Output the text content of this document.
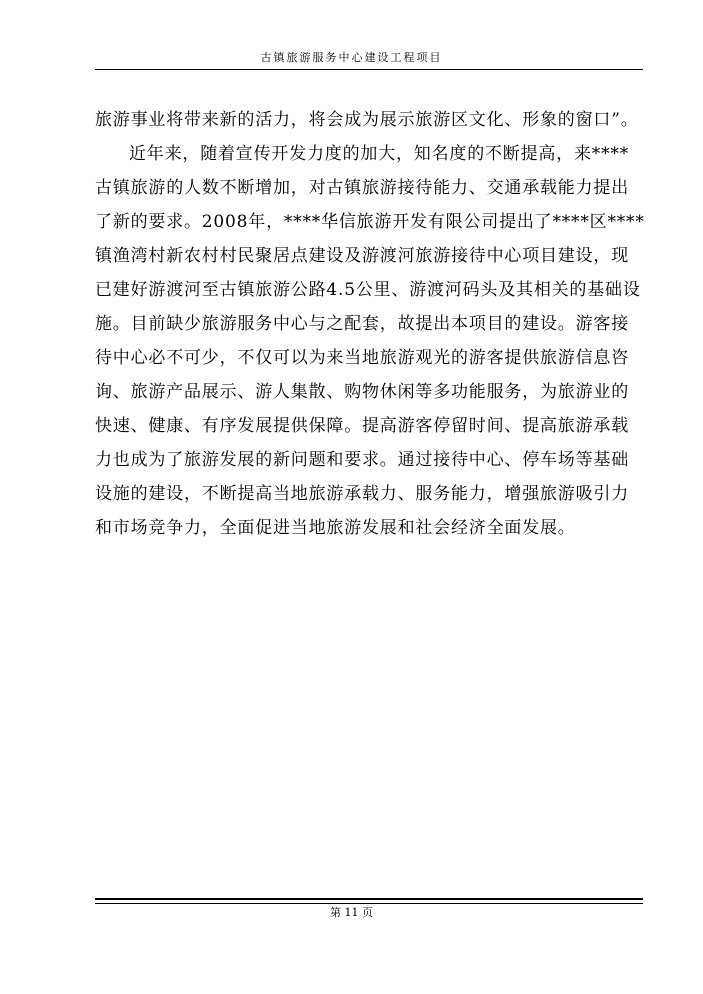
古镇旅游服务中心建设工程项目
旅游事业将带来新的活力，将会成为展示旅游区文化、形象的窗口”。
近年来，随着宣传开发力度的加大，知名度的不断提高，来****
古镇旅游的人数不断增加，对古镇旅游接待能力、交通承载能力提出
了新的要求。2008年，****华信旅游开发有限公司提出了****区****
镇渔湾村新农村村民聚居点建设及游渡河旅游接待中心项目建设，现
已建好游渡河至古镇旅游公路4.5公里、游渡河码头及其相关的基础设
施。目前缺少旅游服务中心与之配套，故提出本项目的建设。游客接
待中心必不可少，不仅可以为来当地旅游观光的游客提供旅游信息咨
询、旅游产品展示、游人集散、购物休闲等多功能服务，为旅游业的
快速、健康、有序发展提供保障。提高游客停留时间、提高旅游承载
力也成为了旅游发展的新问题和要求。通过接待中心、停车场等基础
设施的建设，不断提高当地旅游承载力、服务能力，增强旅游吸引力
和市场竞争力，全面促进当地旅游发展和社会经济全面发展。
第 11 页
